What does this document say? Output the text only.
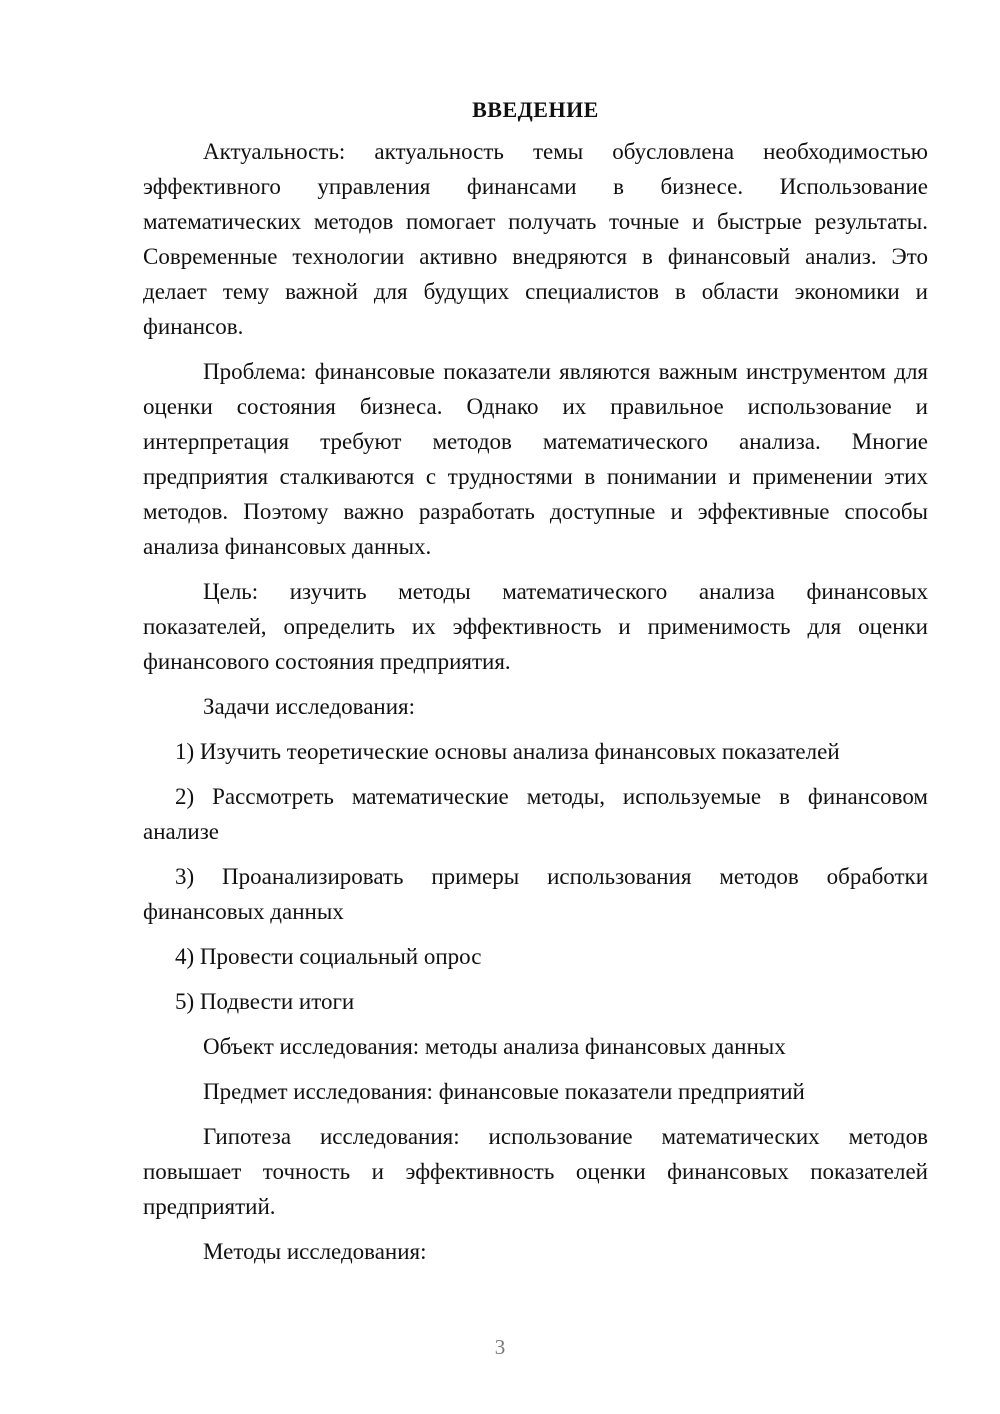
ВВЕДЕНИЕ

Актуальность: актуальность темы обусловлена необходимостью эффективного управления финансами в бизнесе. Использование математических методов помогает получать точные и быстрые результаты. Современные технологии активно внедряются в финансовый анализ. Это делает тему важной для будущих специалистов в области экономики и финансов.

Проблема: финансовые показатели являются важным инструментом для оценки состояния бизнеса. Однако их правильное использование и интерпретация требуют методов математического анализа. Многие предприятия сталкиваются с трудностями в понимании и применении этих методов. Поэтому важно разработать доступные и эффективные способы анализа финансовых данных.

Цель: изучить методы математического анализа финансовых показателей, определить их эффективность и применимость для оценки финансового состояния предприятия.

Задачи исследования:

1) Изучить теоретические основы анализа финансовых показателей

2) Рассмотреть математические методы, используемые в финансовом анализе

3) Проанализировать примеры использования методов обработки финансовых данных

4) Провести социальный опрос

5) Подвести итоги

Объект исследования: методы анализа финансовых данных

Предмет исследования: финансовые показатели предприятий

Гипотеза исследования: использование математических методов повышает точность и эффективность оценки финансовых показателей предприятий.

Методы исследования:

3
